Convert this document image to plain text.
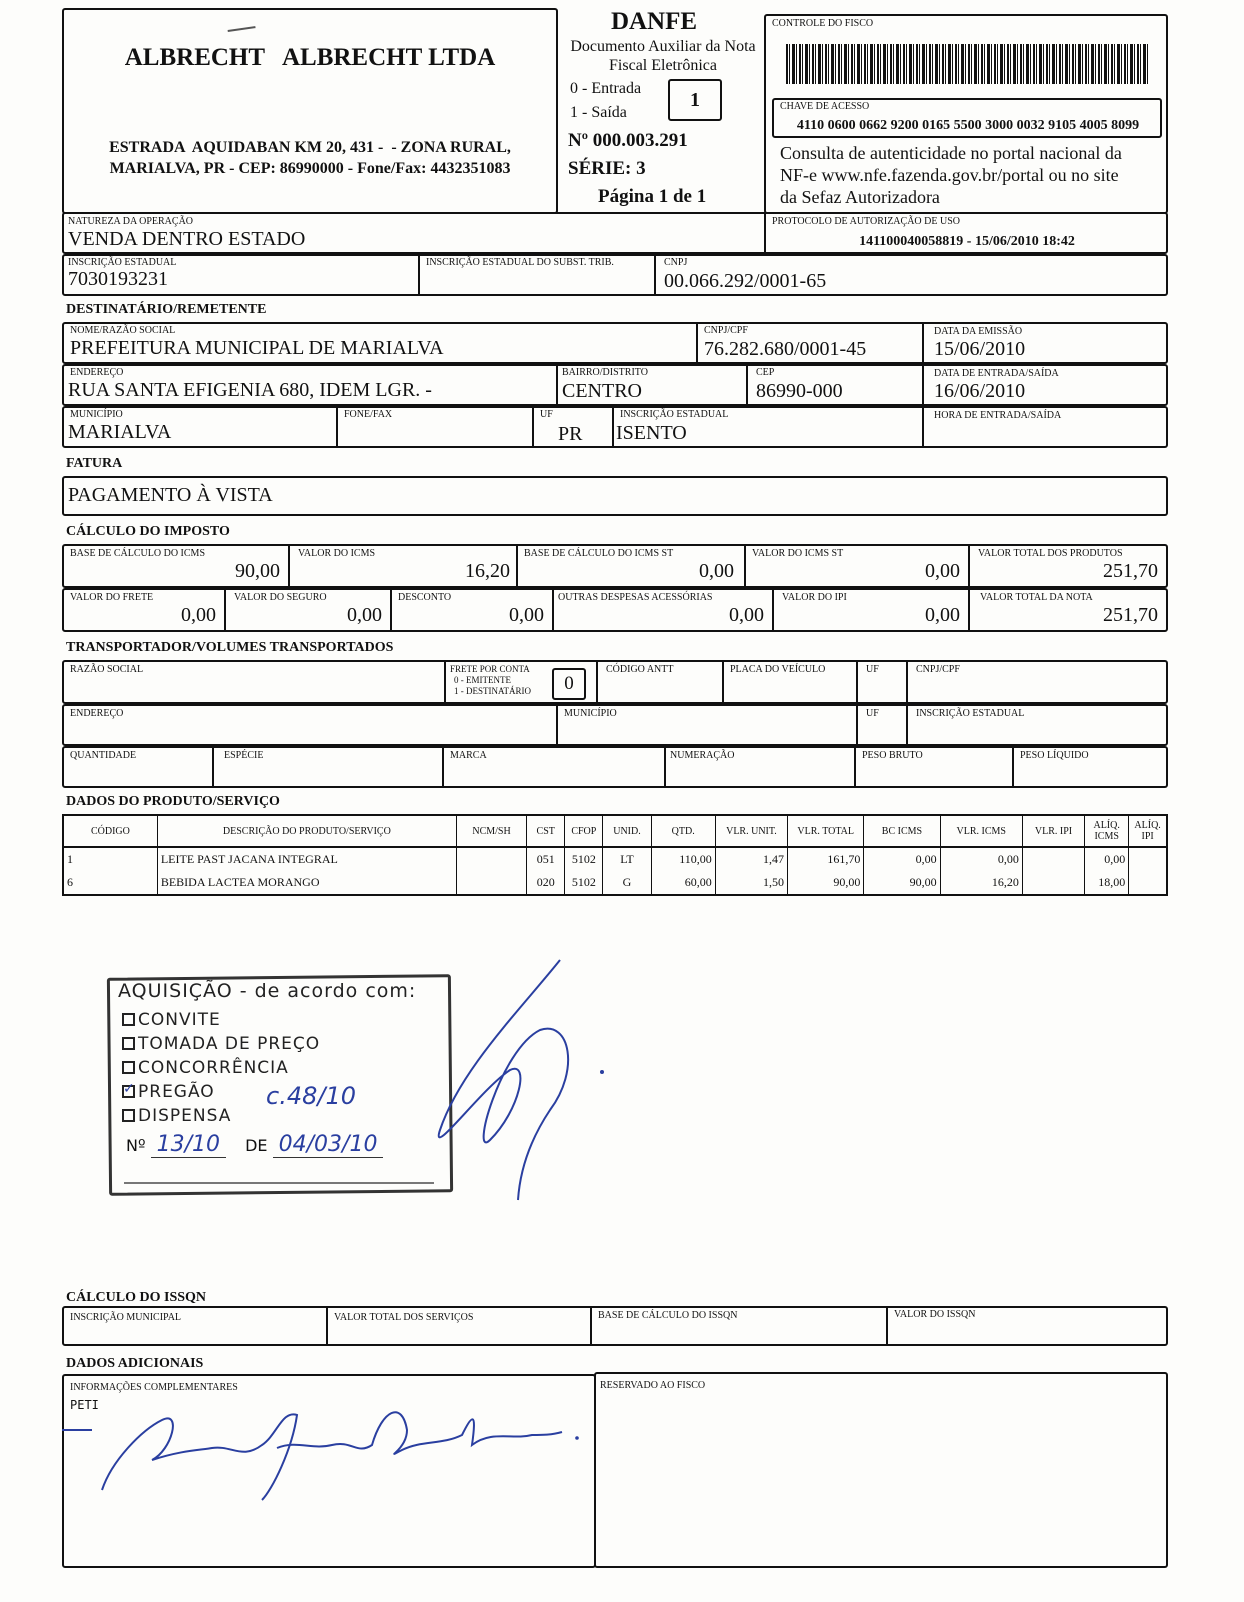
ALBRECHT   ALBRECHT LTDA
ESTRADA  AQUIDABAN KM 20, 431 -  - ZONA RURAL,
MARIALVA, PR - CEP: 86990000 - Fone/Fax: 4432351083
DANFE
Documento Auxiliar da Nota
Fiscal Eletrônica
0 - Entrada
1 - Saída
1
Nº 000.003.291
SÉRIE: 3
Página 1 de 1
CONTROLE DO FISCO
CHAVE DE ACESSO
4110 0600 0662 9200 0165 5500 3000 0032 9105 4005 8099
Consulta de autenticidade no portal nacional da
NF-e www.nfe.fazenda.gov.br/portal ou no site
da Sefaz Autorizadora
NATUREZA DA OPERAÇÃO
VENDA DENTRO ESTADO
PROTOCOLO DE AUTORIZAÇÃO DE USO
141100040058819 - 15/06/2010 18:42
INSCRIÇÃO ESTADUAL
7030193231
INSCRIÇÃO ESTADUAL DO SUBST. TRIB.	CNPJ
00.066.292/0001-65
DESTINATÁRIO/REMETENTE
NOME/RAZÃO SOCIAL
PREFEITURA MUNICIPAL DE MARIALVA
CNPJ/CPF
76.282.680/0001-45
DATA DA EMISSÃO
15/06/2010
ENDEREÇO
RUA SANTA EFIGENIA 680, IDEM LGR. -
BAIRRO/DISTRITO
CENTRO
CEP
86990-000
DATA DE ENTRADA/SAÍDA
16/06/2010
MUNICÍPIO
MARIALVA
FONE/FAX	UF
PR
INSCRIÇÃO ESTADUAL
ISENTO
HORA DE ENTRADA/SAÍDA
FATURA
PAGAMENTO À VISTA
CÁLCULO DO IMPOSTO
BASE DE CÁLCULO DO ICMS
90,00
VALOR DO ICMS
16,20
BASE DE CÁLCULO DO ICMS ST
0,00
VALOR DO ICMS ST
0,00
VALOR TOTAL DOS PRODUTOS
251,70
VALOR DO FRETE
0,00
VALOR DO SEGURO
0,00
DESCONTO
0,00
OUTRAS DESPESAS ACESSÓRIAS
0,00
VALOR DO IPI
0,00
VALOR TOTAL DA NOTA
251,70
TRANSPORTADOR/VOLUMES TRANSPORTADOS
RAZÃO SOCIAL	FRETE POR CONTA
0 - EMITENTE
1 - DESTINATÁRIO	0
CÓDIGO ANTT	PLACA DO VEÍCULO	UF	CNPJ/CPF
ENDEREÇO	MUNICÍPIO	UF	INSCRIÇÃO ESTADUAL
QUANTIDADE	ESPÉCIE	MARCA	NUMERAÇÃO	PESO BRUTO	PESO LÍQUIDO
DADOS DO PRODUTO/SERVIÇO
CÓDIGO	DESCRIÇÃO DO PRODUTO/SERVIÇO	NCM/SH	CST	CFOP	UNID.	QTD.	VLR. UNIT.	VLR. TOTAL	BC ICMS	VLR. ICMS	VLR. IPI	ALÍQ. ICMS	ALÍQ. IPI
1	LEITE PAST JACANA INTEGRAL		051	5102	LT	110,00	1,47	161,70	0,00	0,00		0,00	
6	BEBIDA LACTEA MORANGO		020	5102	G	60,00	1,50	90,00	90,00	16,20		18,00	
AQUISIÇÃO - de acordo com:
CONVITE
TOMADA DE PREÇO
CONCORRÊNCIA
✓ PREGÃO
DISPENSA
c.48/10
Nº 13/10 DE 04/03/10
CÁLCULO DO ISSQN
INSCRIÇÃO MUNICIPAL	VALOR TOTAL DOS SERVIÇOS	BASE DE CÁLCULO DO ISSQN	VALOR DO ISSQN
DADOS ADICIONAIS
INFORMAÇÕES COMPLEMENTARES
PETI
RESERVADO AO FISCO
